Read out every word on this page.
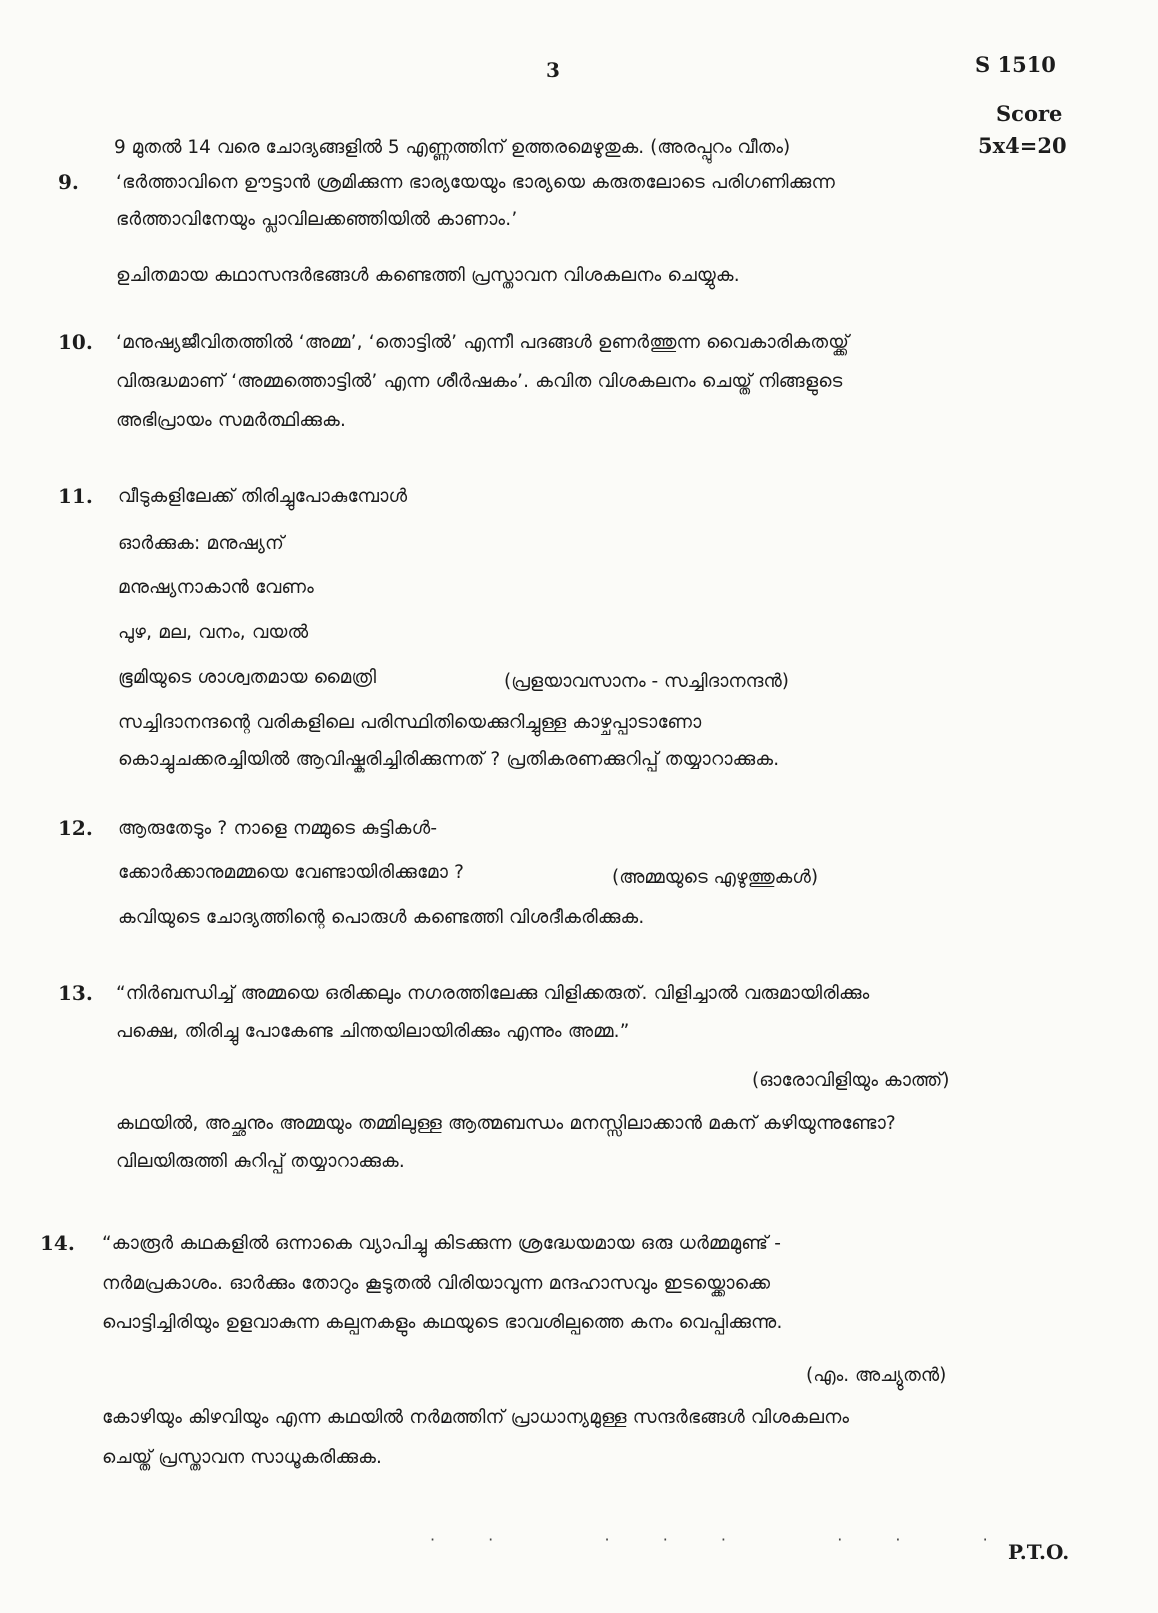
3	S 1510
Score
5x4=20
9 മുതൽ 14 വരെ ചോദ്യങ്ങളിൽ 5 എണ്ണത്തിന് ഉത്തരമെഴുതുക. (അരപ്പുറം വീതം)
9. ‘ഭർത്താവിനെ ഊട്ടാൻ ശ്രമിക്കുന്ന ഭാര്യയേയും ഭാര്യയെ കരുതലോടെ പരിഗണിക്കുന്ന
ഭർത്താവിനേയും പ്ലാവിലക്കഞ്ഞിയിൽ കാണാം.’
ഉചിതമായ കഥാസന്ദർഭങ്ങൾ കണ്ടെത്തി പ്രസ്താവന വിശകലനം ചെയ്യുക.
10. ‘മനുഷ്യജീവിതത്തിൽ ‘അമ്മ’, ‘തൊട്ടിൽ’ എന്നീ പദങ്ങൾ ഉണർത്തുന്ന വൈകാരികതയ്ക്ക്
വിരുദ്ധമാണ് ‘അമ്മത്തൊട്ടിൽ’ എന്ന ശീർഷകം’. കവിത വിശകലനം ചെയ്ത് നിങ്ങളുടെ
അഭിപ്രായം സമർത്ഥിക്കുക.
11. വീടുകളിലേക്ക് തിരിച്ചുപോകുമ്പോൾ
ഓർക്കുക: മനുഷ്യന്
മനുഷ്യനാകാൻ വേണം
പുഴ, മല, വനം, വയൽ
ഭൂമിയുടെ ശാശ്വതമായ മൈത്രി	(പ്രളയാവസാനം - സച്ചിദാനന്ദൻ)
സച്ചിദാനന്ദന്റെ വരികളിലെ പരിസ്ഥിതിയെക്കുറിച്ചുള്ള കാഴ്ചപ്പാടാണോ
കൊച്ചുചക്കരച്ചിയിൽ ആവിഷ്കരിച്ചിരിക്കുന്നത് ? പ്രതികരണക്കുറിപ്പ് തയ്യാറാക്കുക.
12. ആരുതേടും ? നാളെ നമ്മുടെ കുട്ടികൾ-
ക്കോർക്കാനുമമ്മയെ വേണ്ടായിരിക്കുമോ ?	(അമ്മയുടെ എഴുത്തുകൾ)
കവിയുടെ ചോദ്യത്തിന്റെ പൊരുൾ കണ്ടെത്തി വിശദീകരിക്കുക.
13. “നിർബന്ധിച്ച് അമ്മയെ ഒരിക്കലും നഗരത്തിലേക്കു വിളിക്കരുത്. വിളിച്ചാൽ വരുമായിരിക്കും
പക്ഷെ, തിരിച്ചു പോകേണ്ട ചിന്തയിലായിരിക്കും എന്നും അമ്മ.”
(ഓരോവിളിയും കാത്ത്)
കഥയിൽ, അച്ഛനും അമ്മയും തമ്മിലുള്ള ആത്മബന്ധം മനസ്സിലാക്കാൻ മകന് കഴിയുന്നുണ്ടോ?
വിലയിരുത്തി കുറിപ്പ് തയ്യാറാക്കുക.
14. “കാരൂർ കഥകളിൽ ഒന്നാകെ വ്യാപിച്ചു കിടക്കുന്ന ശ്രദ്ധേയമായ ഒരു ധർമ്മമുണ്ട് -
നർമപ്രകാശം. ഓർക്കും തോറും കൂടുതൽ വിരിയാവുന്ന മന്ദഹാസവും ഇടയ്ക്കൊക്കെ
പൊട്ടിച്ചിരിയും ഉളവാകുന്ന കല്പനകളും കഥയുടെ ഭാവശില്പത്തെ കനം വെപ്പിക്കുന്നു.
(എം. അച്യുതൻ)
കോഴിയും കിഴവിയും എന്ന കഥയിൽ നർമത്തിന് പ്രാധാന്യമുള്ള സന്ദർഭങ്ങൾ വിശകലനം
ചെയ്ത് പ്രസ്താവന സാധൂകരിക്കുക.
· ·   · · ·   · ·  ·
P.T.O.
